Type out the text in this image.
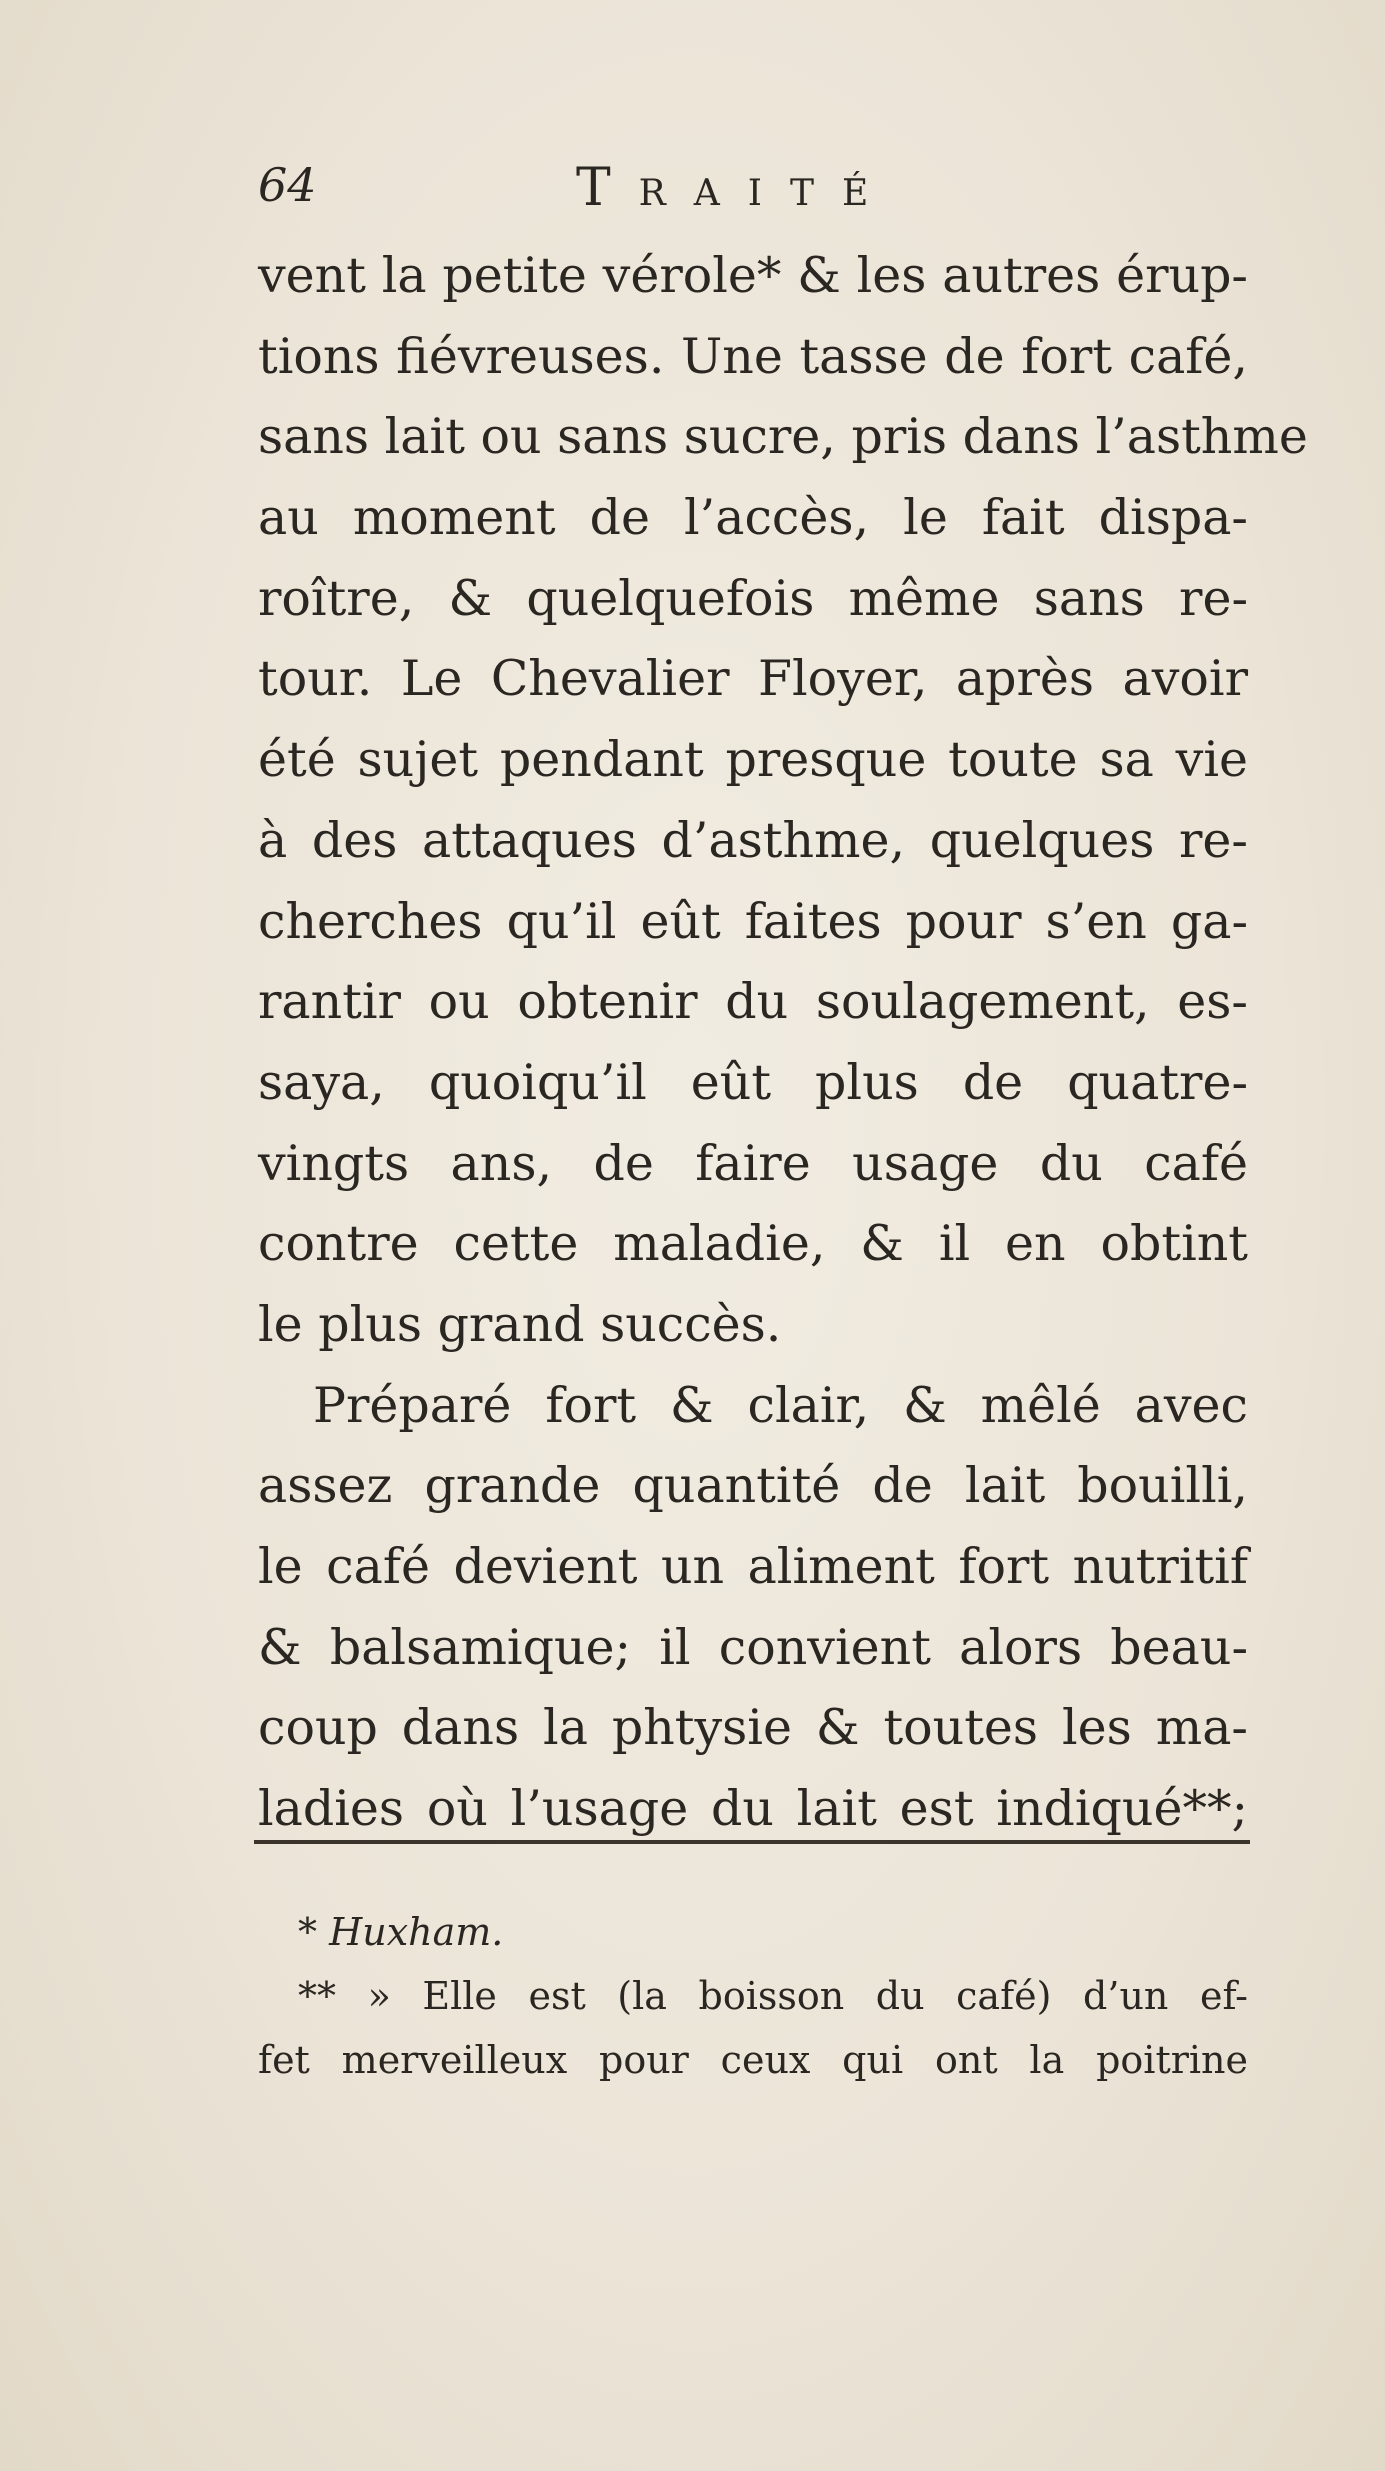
64	Traité
vent la petite vérole* & les autres érup-
tions fiévreuses. Une tasse de fort café,
sans lait ou sans sucre, pris dans l’asthme
au moment de l’accès, le fait dispa-
roître, & quelquefois même sans re-
tour. Le Chevalier Floyer, après avoir
été sujet pendant presque toute sa vie
à des attaques d’asthme, quelques re-
cherches qu’il eût faites pour s’en ga-
rantir ou obtenir du soulagement, es-
saya, quoiqu’il eût plus de quatre-
vingts ans, de faire usage du café
contre cette maladie, & il en obtint
le plus grand succès.
Préparé fort & clair, & mêlé avec
assez grande quantité de lait bouilli,
le café devient un aliment fort nutritif
& balsamique; il convient alors beau-
coup dans la phtysie & toutes les ma-
ladies où l’usage du lait est indiqué**;
* Huxham.
** » Elle est (la boisson du café) d’un ef-
fet merveilleux pour ceux qui ont la poitrine
